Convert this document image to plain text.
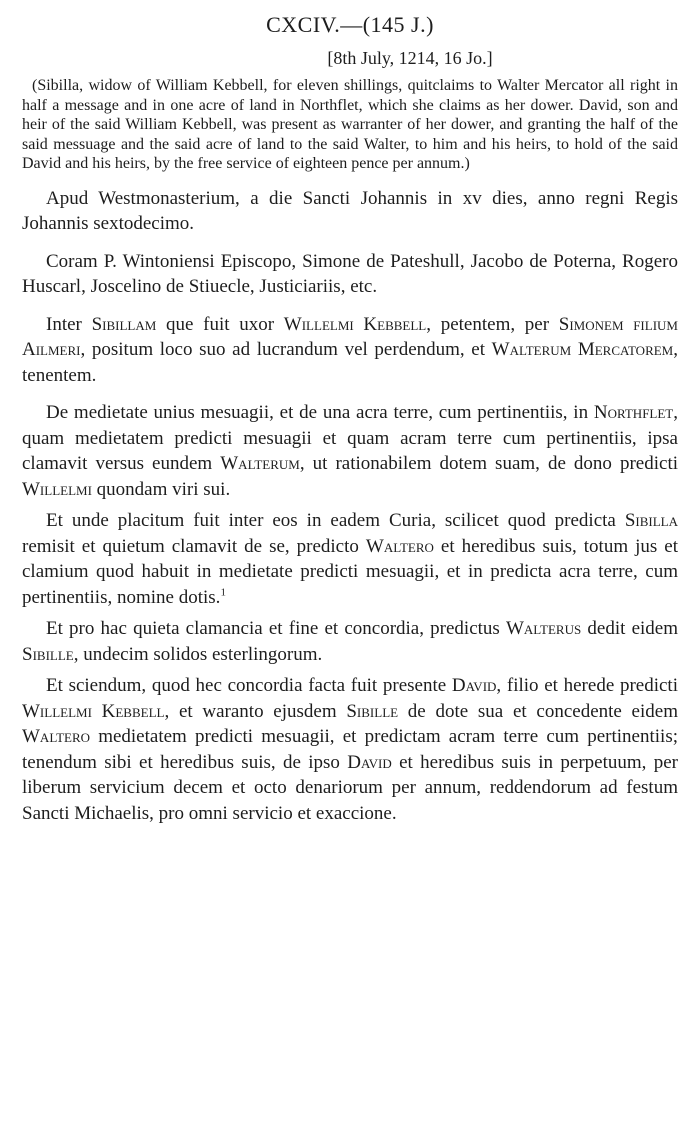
CXCIV.—(145 J.)
[8th July, 1214, 16 Jo.]

(Sibilla, widow of William Kebbell, for eleven shillings, quitclaims to Walter Mercator all right in half a message and in one acre of land in Northflet, which she claims as her dower. David, son and heir of the said William Kebbell, was present as warranter of her dower, and granting the half of the said messuage and the said acre of land to the said Walter, to him and his heirs, to hold of the said David and his heirs, by the free service of eighteen pence per annum.)

Apud Westmonasterium, a die Sancti Johannis in xv dies, anno regni Regis Johannis sextodecimo.

Coram P. Wintoniensi Episcopo, Simone de Pateshull, Jacobo de Poterna, Rogero Huscarl, Joscelino de Stiuecle, Justiciariis, etc.

Inter Sibillam que fuit uxor Willelmi Kebbell, petentem, per Simonem filium Ailmeri, positum loco suo ad lucrandum vel perdendum, et Walterum Mercatorem, tenentem.

De medietate unius mesuagii, et de una acra terre, cum pertinentiis, in Northflet, quam medietatem predicti mesuagii et quam acram terre cum pertinentiis, ipsa clamavit versus eundem Walterum, ut rationabilem dotem suam, de dono predicti Willelmi quondam viri sui.

Et unde placitum fuit inter eos in eadem Curia, scilicet quod predicta Sibilla remisit et quietum clamavit de se, predicto Waltero et heredibus suis, totum jus et clamium quod habuit in medietate predicti mesuagii, et in predicta acra terre, cum pertinentiis, nomine dotis.$^1$

Et pro hac quieta clamancia et fine et concordia, predictus Walterus dedit eidem Sibille, undecim solidos esterlingorum.

Et sciendum, quod hec concordia facta fuit presente David, filio et herede predicti Willelmi Kebbell, et waranto ejusdem Sibille de dote sua et concedente eidem Waltero medietatem predicti mesuagii, et predictam acram terre cum pertinentiis; tenendum sibi et heredibus suis, de ipso David et heredibus suis in perpetuum, per liberum servicium decem et octo denariorum per annum, reddendorum ad festum Sancti Michaelis, pro omni servicio et exaccione.
